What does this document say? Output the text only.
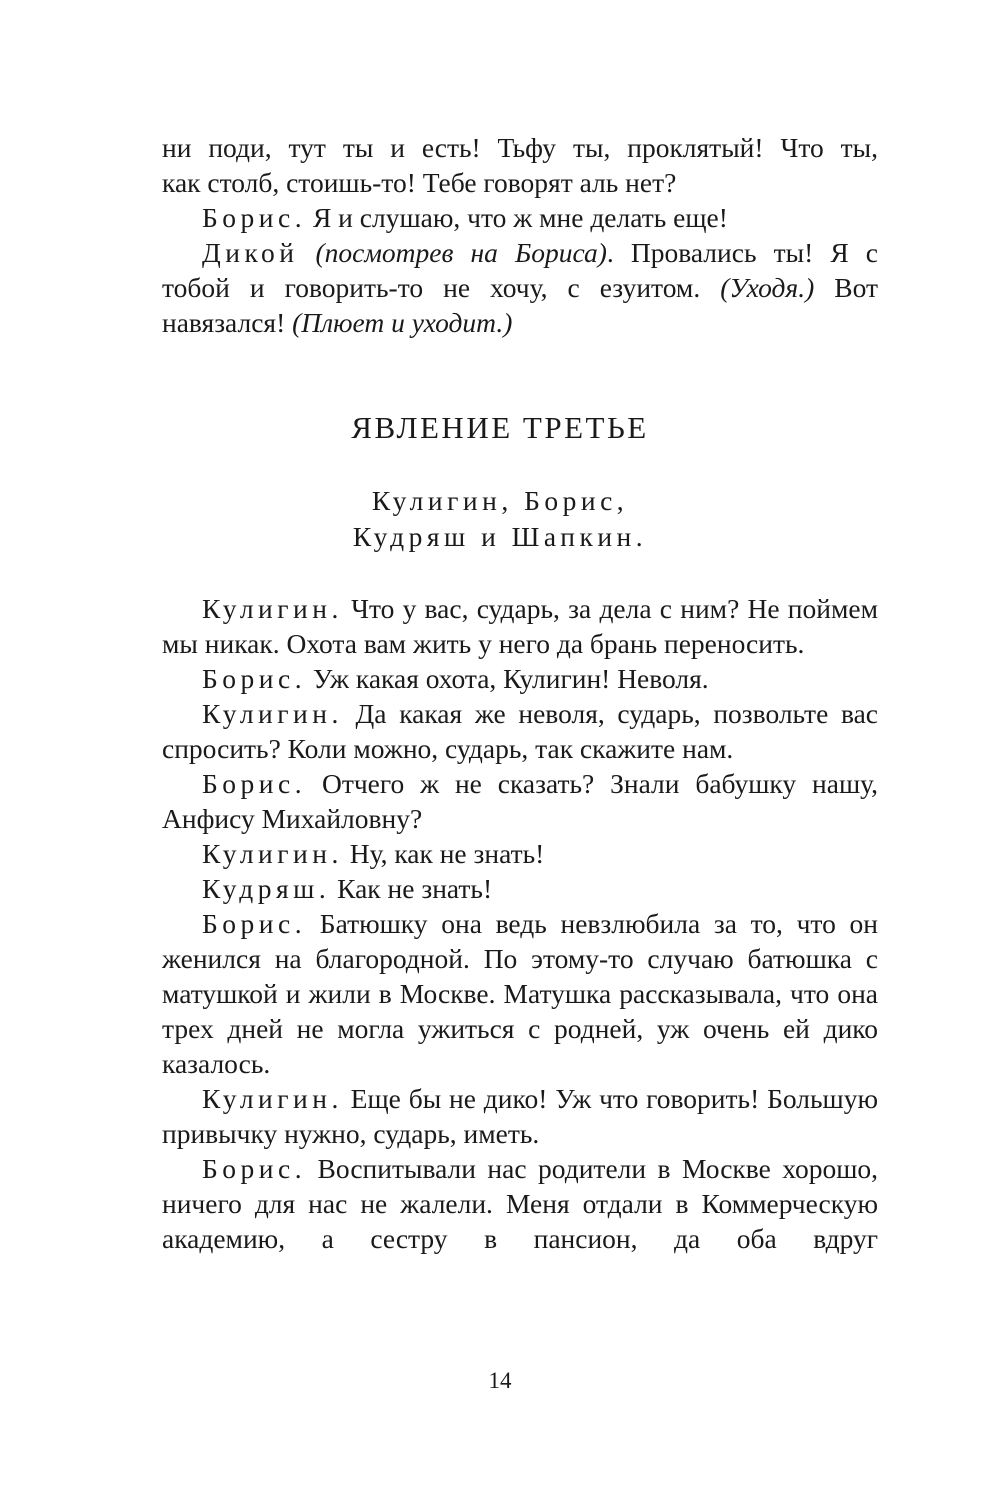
ни поди, тут ты и есть! Тьфу ты, проклятый! Что ты,

как столб, стоишь-то! Тебе говорят аль нет?

Борис. Я и слушаю, что ж мне делать еще!

Дикой (посмотрев на Бориса). Провались ты! Я с тобой и говорить-то не хочу, с езуитом. (Уходя.) Вот навязался! (Плюет и уходит.)

ЯВЛЕНИЕ ТРЕТЬЕ
Кулигин, Борис,
Кудряш и Шапкин.

Кулигин. Что у вас, сударь, за дела с ним? Не поймем мы никак. Охота вам жить у него да брань переносить.

Борис. Уж какая охота, Кулигин! Неволя.

Кулигин. Да какая же неволя, сударь, позвольте вас спросить? Коли можно, сударь, так скажите нам.

Борис. Отчего ж не сказать? Знали бабушку нашу, Анфису Михайловну?

Кулигин. Ну, как не знать!

Кудряш. Как не знать!

Борис. Батюшку она ведь невзлюбила за то, что он женился на благородной. По этому-то случаю батюшка с матушкой и жили в Москве. Матушка рассказывала, что она трех дней не могла ужиться с родней, уж очень ей дико казалось.

Кулигин. Еще бы не дико! Уж что говорить! Большую привычку нужно, сударь, иметь.

Борис. Воспитывали нас родители в Москве хорошо, ничего для нас не жалели. Меня отдали в Коммерческую академию, а сестру в пансион, да оба вдруг

14
